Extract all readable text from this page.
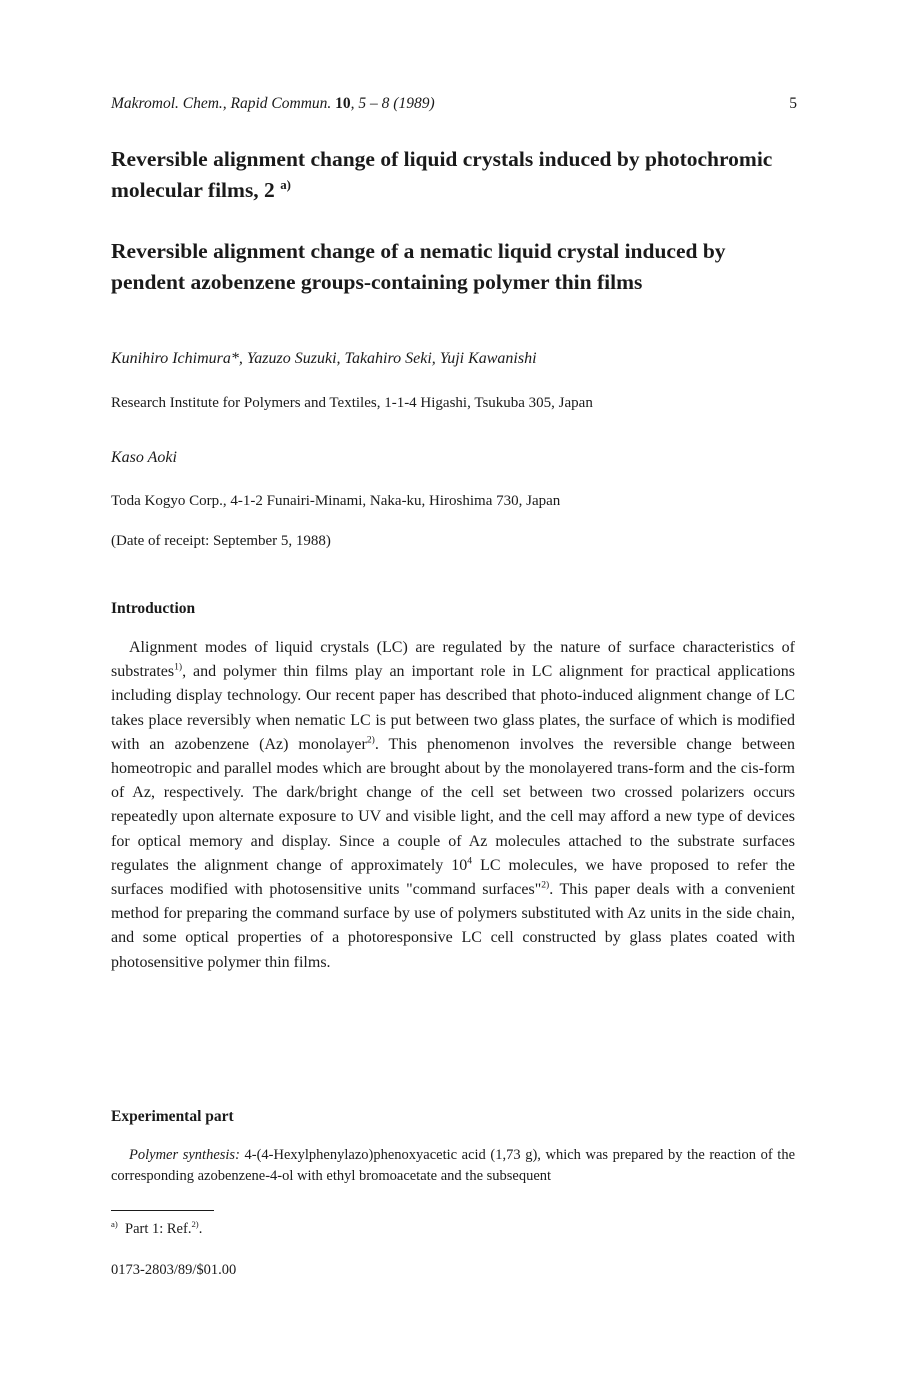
Makromol. Chem., Rapid Commun. 10, 5 – 8 (1989)	5
Reversible alignment change of liquid crystals induced by photochromic molecular films, 2 $^{a)}$
Reversible alignment change of a nematic liquid crystal induced by pendent azobenzene groups-containing polymer thin films
Kunihiro Ichimura*, Yazuzo Suzuki, Takahiro Seki, Yuji Kawanishi
Research Institute for Polymers and Textiles, 1-1-4 Higashi, Tsukuba 305, Japan
Kaso Aoki
Toda Kogyo Corp., 4-1-2 Funairi-Minami, Naka-ku, Hiroshima 730, Japan
(Date of receipt: September 5, 1988)
Introduction

Alignment modes of liquid crystals (LC) are regulated by the nature of surface characteristics of substrates$^{1)}$, and polymer thin films play an important role in LC alignment for practical applications including display technology. Our recent paper has described that photo-induced alignment change of LC takes place reversibly when nematic LC is put between two glass plates, the surface of which is modified with an azobenzene (Az) monolayer$^{2)}$. This phenomenon involves the reversible change between homeotropic and parallel modes which are brought about by the monolayered trans-form and the cis-form of Az, respectively. The dark/bright change of the cell set between two crossed polarizers occurs repeatedly upon alternate exposure to UV and visible light, and the cell may afford a new type of devices for optical memory and display. Since a couple of Az molecules attached to the substrate surfaces regulates the alignment change of approximately $10^4$ LC molecules, we have proposed to refer the surfaces modified with photosensitive units "command surfaces"$^{2)}$. This paper deals with a convenient method for preparing the command surface by use of polymers substituted with Az units in the side chain, and some optical properties of a photoresponsive LC cell constructed by glass plates coated with photosensitive polymer thin films.

Experimental part

Polymer synthesis: 4-(4-Hexylphenylazo)phenoxyacetic acid (1,73 g), which was prepared by the reaction of the corresponding azobenzene-4-ol with ethyl bromoacetate and the subsequent

$^{a)}$ Part 1: Ref.$^{2)}$.
0173-2803/89/$01.00
